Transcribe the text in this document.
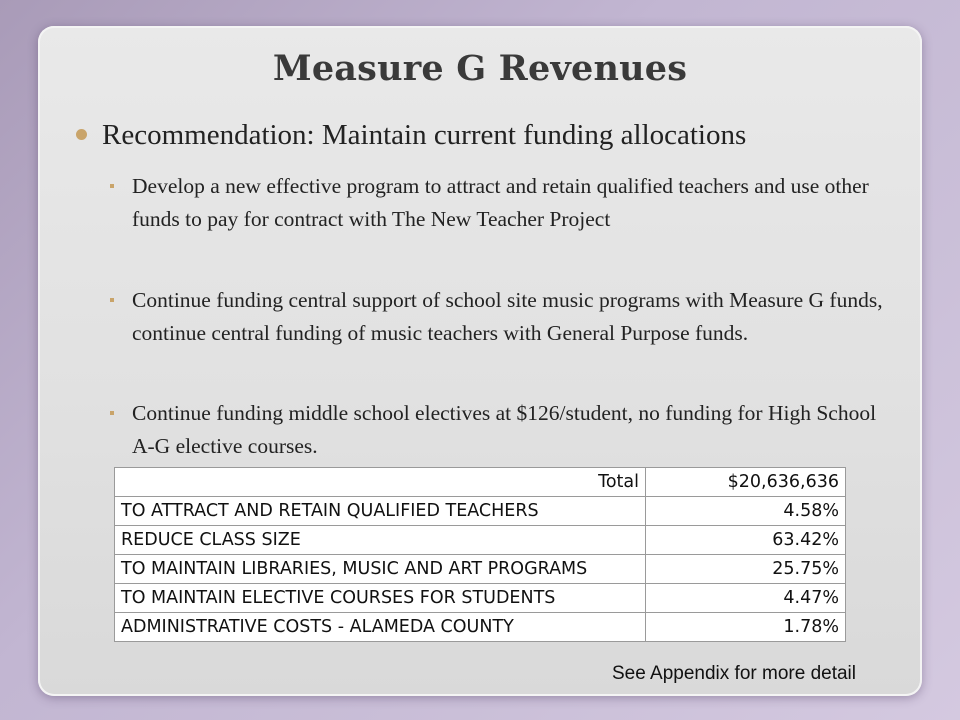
Measure G Revenues
Recommendation: Maintain current funding allocations
Develop a new effective program to attract and retain qualified teachers and use other funds to pay for contract with The New Teacher Project
Continue funding central support of school site music programs with Measure G funds, continue central funding of music teachers with General Purpose funds.
Continue funding middle school electives at $126/student, no funding for High School A-G elective courses.
Total	$20,636,636
TO ATTRACT AND RETAIN QUALIFIED TEACHERS	4.58%
REDUCE CLASS SIZE	63.42%
TO MAINTAIN LIBRARIES, MUSIC AND ART PROGRAMS	25.75%
TO MAINTAIN ELECTIVE COURSES FOR STUDENTS	4.47%
ADMINISTRATIVE COSTS - ALAMEDA COUNTY	1.78%
See Appendix for more detail
